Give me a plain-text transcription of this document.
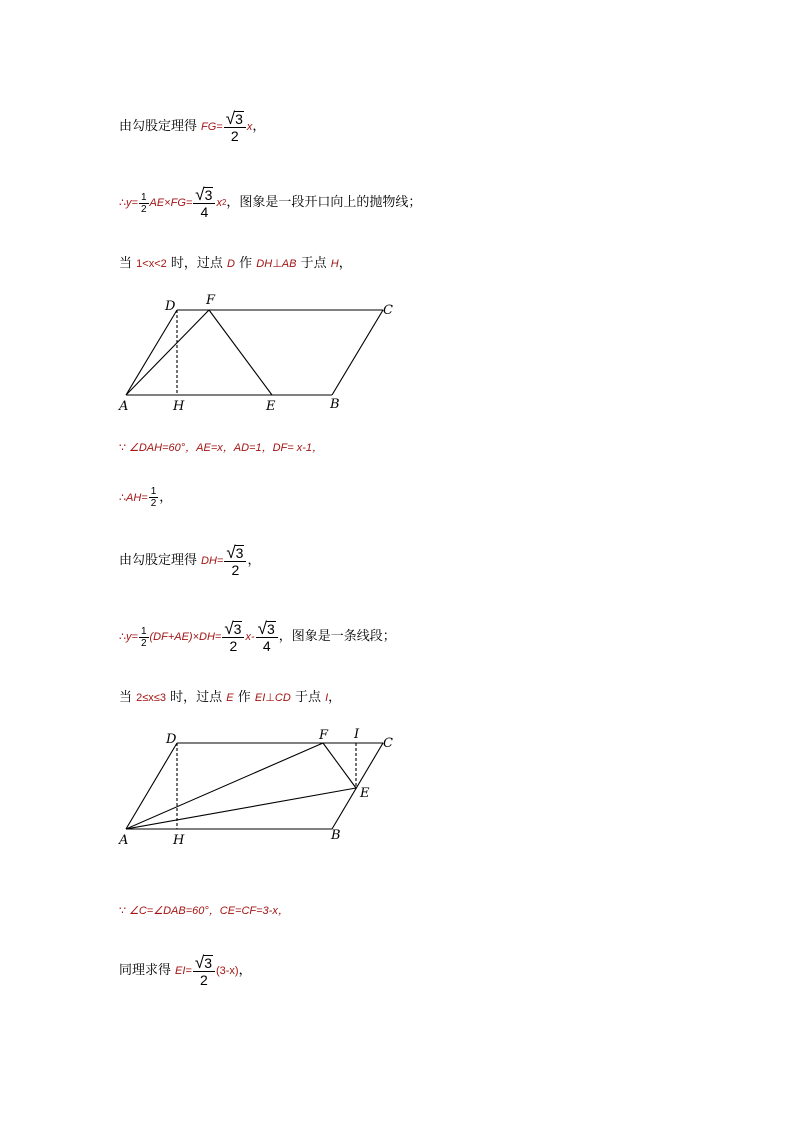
由勾股定理得 $FG= \frac{√ 3}{2}$ x ，
∴ $y= \frac{1}{2} AE\times FG= \frac{√ 3}{4}$ x 2 ，图象是一段开口向上的抛物线；
当
1<x<2
时，过点
D
作
DH ⊥ AB
于点
H ，
A	H	E	B
D F
C
∵ ∠DAH=60°，AE=x，AD=1，DF= x-1，
∴ $AH= \frac{1}{2}$ ，
由勾股定理得 $DH= \frac{√ 3}{2}$ ，
∴ $y= \frac{1}{2} (DF+AE)\times DH= \frac{√ 3}{2} x- \frac{√ 3}{4}$ ，图象是一条线段；
当
2≤x≤3
时，过点
E
作
EI ⊥ CD
于点
I ，
A	H	B
D	F I
C
E
∵ ∠C=∠DAB=60°，CE=CF=3-x，
同理求得 $EI= \frac{√ 3}{2} (3-x)$ ，
